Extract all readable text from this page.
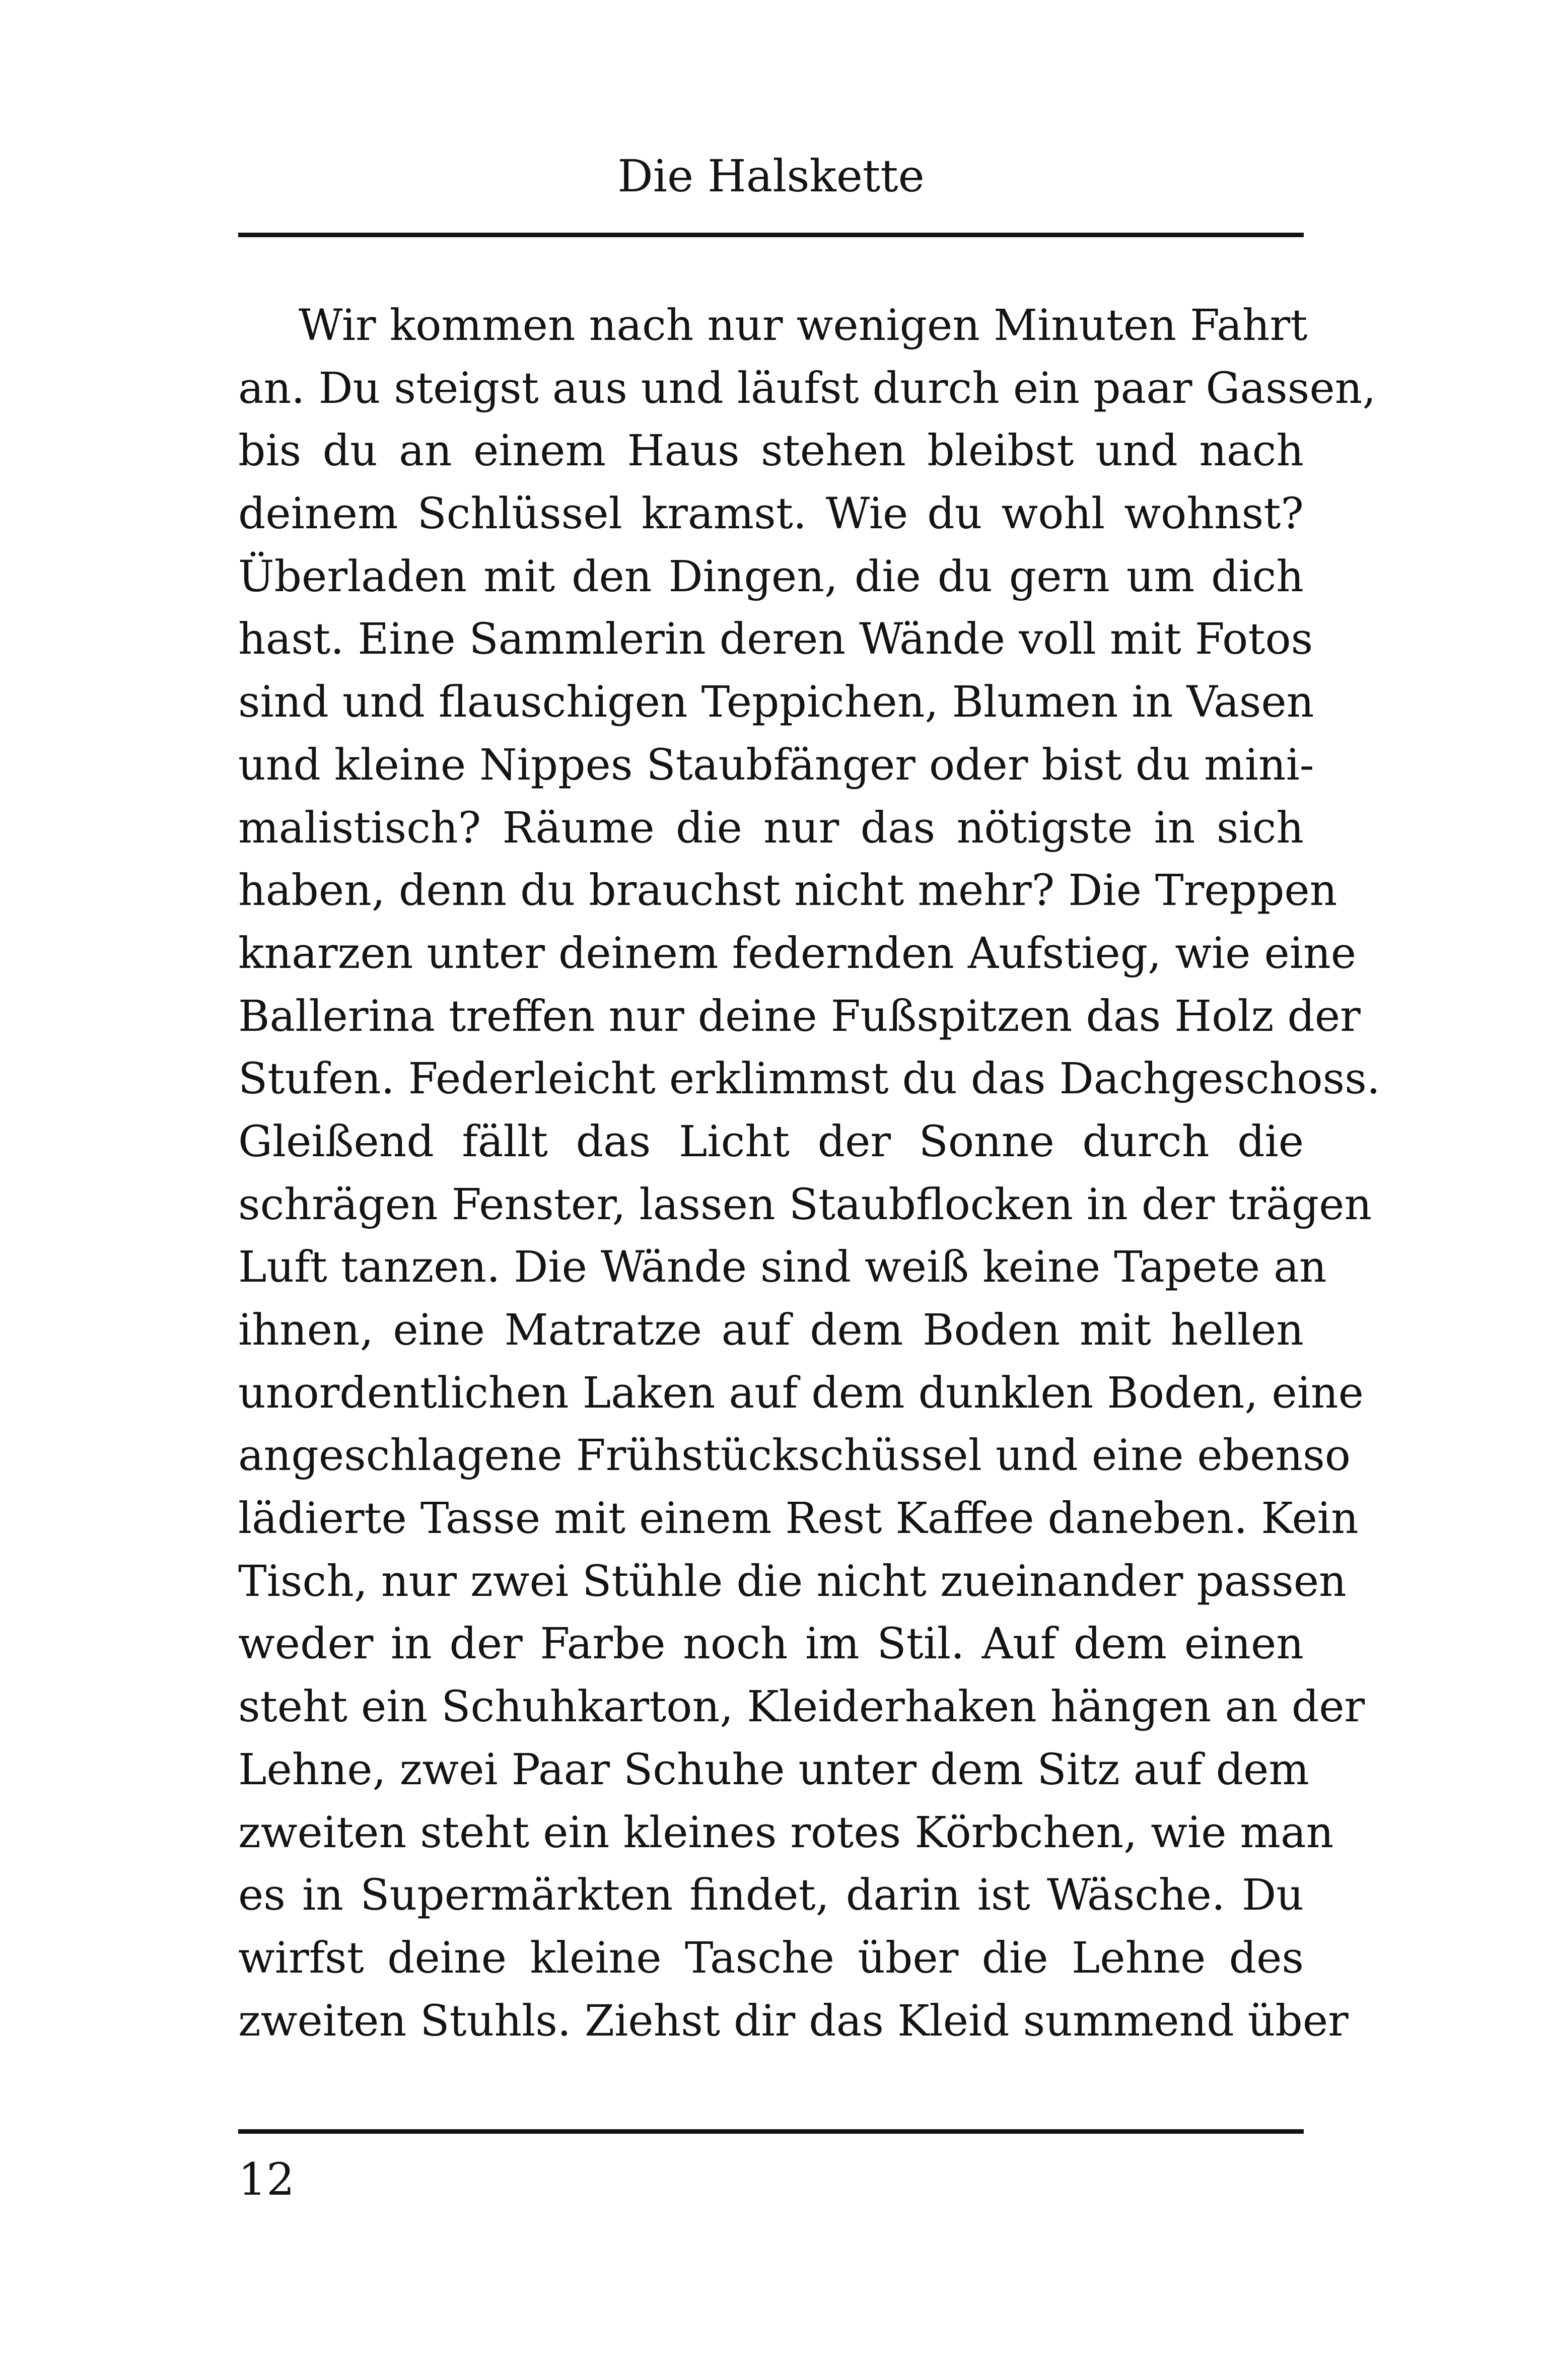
Die Halskette
Wir kommen nach nur wenigen Minuten Fahrt
an. Du steigst aus und läufst durch ein paar Gassen,
bis du an einem Haus stehen bleibst und nach
deinem Schlüssel kramst. Wie du wohl wohnst?
Überladen mit den Dingen, die du gern um dich
hast. Eine Sammlerin deren Wände voll mit Fotos
sind und flauschigen Teppichen, Blumen in Vasen
und kleine Nippes Staubfänger oder bist du mini-
malistisch? Räume die nur das nötigste in sich
haben, denn du brauchst nicht mehr? Die Treppen
knarzen unter deinem federnden Aufstieg, wie eine
Ballerina treffen nur deine Fußspitzen das Holz der
Stufen. Federleicht erklimmst du das Dachgeschoss.
Gleißend fällt das Licht der Sonne durch die
schrägen Fenster, lassen Staubflocken in der trägen
Luft tanzen. Die Wände sind weiß keine Tapete an
ihnen, eine Matratze auf dem Boden mit hellen
unordentlichen Laken auf dem dunklen Boden, eine
angeschlagene Frühstückschüssel und eine ebenso
lädierte Tasse mit einem Rest Kaffee daneben. Kein
Tisch, nur zwei Stühle die nicht zueinander passen
weder in der Farbe noch im Stil. Auf dem einen
steht ein Schuhkarton, Kleiderhaken hängen an der
Lehne, zwei Paar Schuhe unter dem Sitz auf dem
zweiten steht ein kleines rotes Körbchen, wie man
es in Supermärkten findet, darin ist Wäsche. Du
wirfst deine kleine Tasche über die Lehne des
zweiten Stuhls. Ziehst dir das Kleid summend über
12
